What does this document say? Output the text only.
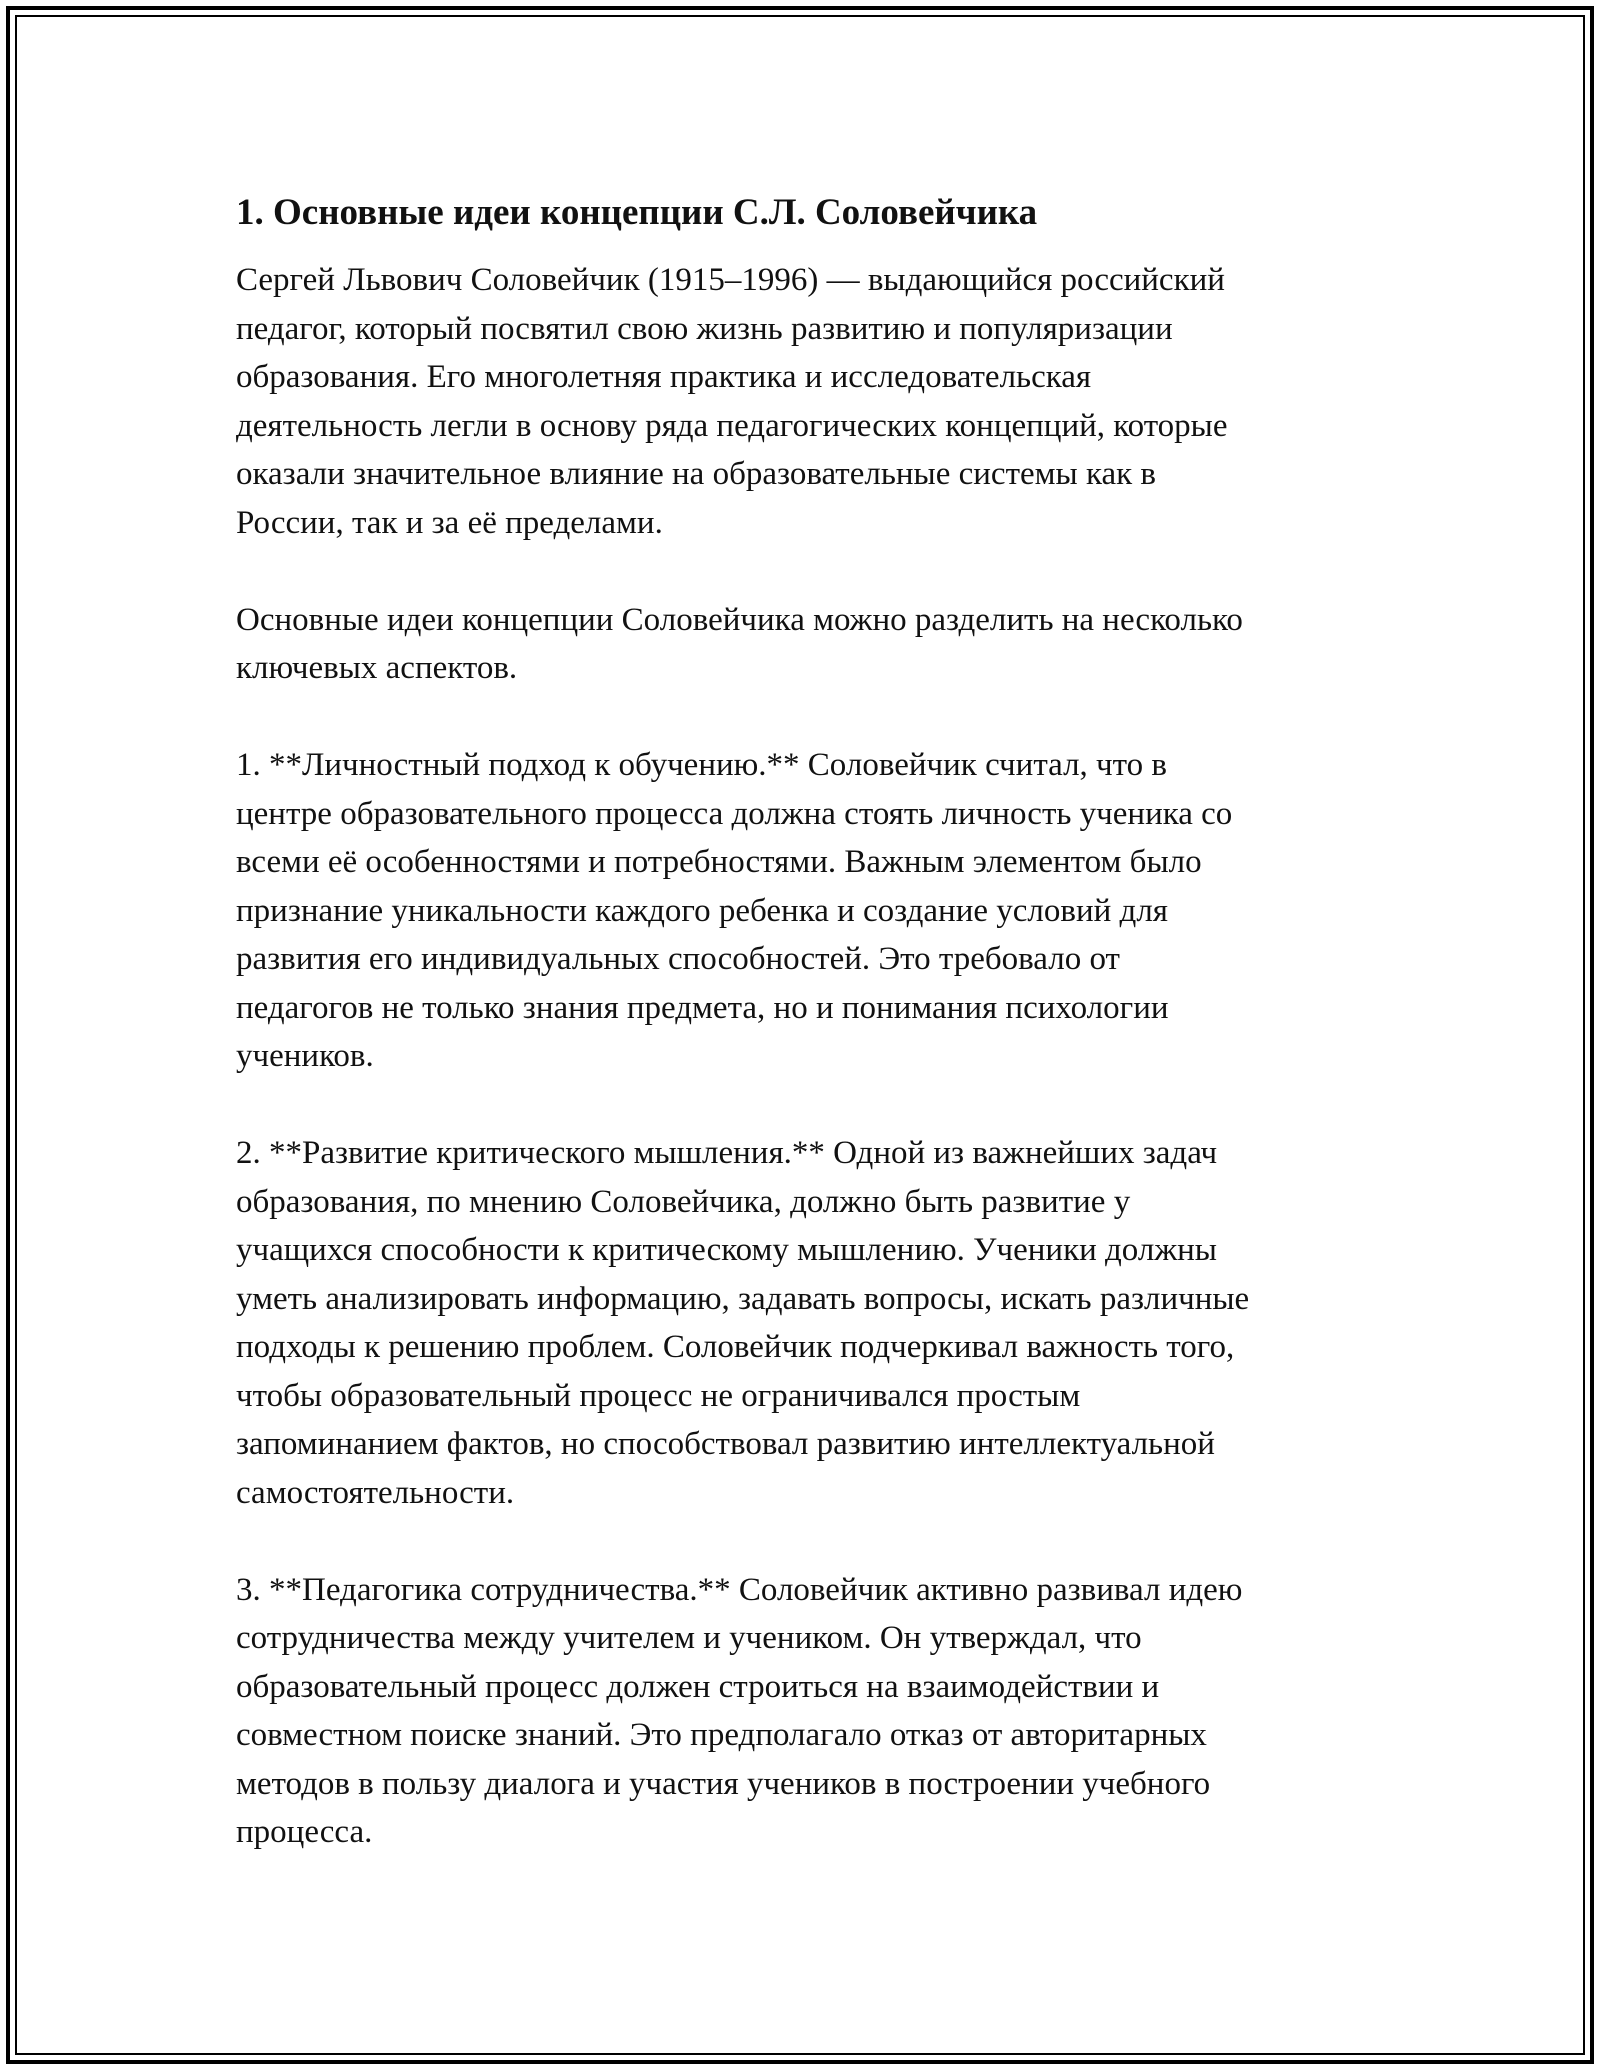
1. Основные идеи концепции С.Л. Соловейчика

Сергей Львович Соловейчик (1915–1996) — выдающийся российский
педагог, который посвятил свою жизнь развитию и популяризации
образования. Его многолетняя практика и исследовательская
деятельность легли в основу ряда педагогических концепций, которые
оказали значительное влияние на образовательные системы как в
России, так и за её пределами.

Основные идеи концепции Соловейчика можно разделить на несколько
ключевых аспектов.

1. **Личностный подход к обучению.** Соловейчик считал, что в
центре образовательного процесса должна стоять личность ученика со
всеми её особенностями и потребностями. Важным элементом было
признание уникальности каждого ребенка и создание условий для
развития его индивидуальных способностей. Это требовало от
педагогов не только знания предмета, но и понимания психологии
учеников.

2. **Развитие критического мышления.** Одной из важнейших задач
образования, по мнению Соловейчика, должно быть развитие у
учащихся способности к критическому мышлению. Ученики должны
уметь анализировать информацию, задавать вопросы, искать различные
подходы к решению проблем. Соловейчик подчеркивал важность того,
чтобы образовательный процесс не ограничивался простым
запоминанием фактов, но способствовал развитию интеллектуальной
самостоятельности.

3. **Педагогика сотрудничества.** Соловейчик активно развивал идею
сотрудничества между учителем и учеником. Он утверждал, что
образовательный процесс должен строиться на взаимодействии и
совместном поиске знаний. Это предполагало отказ от авторитарных
методов в пользу диалога и участия учеников в построении учебного
процесса.
